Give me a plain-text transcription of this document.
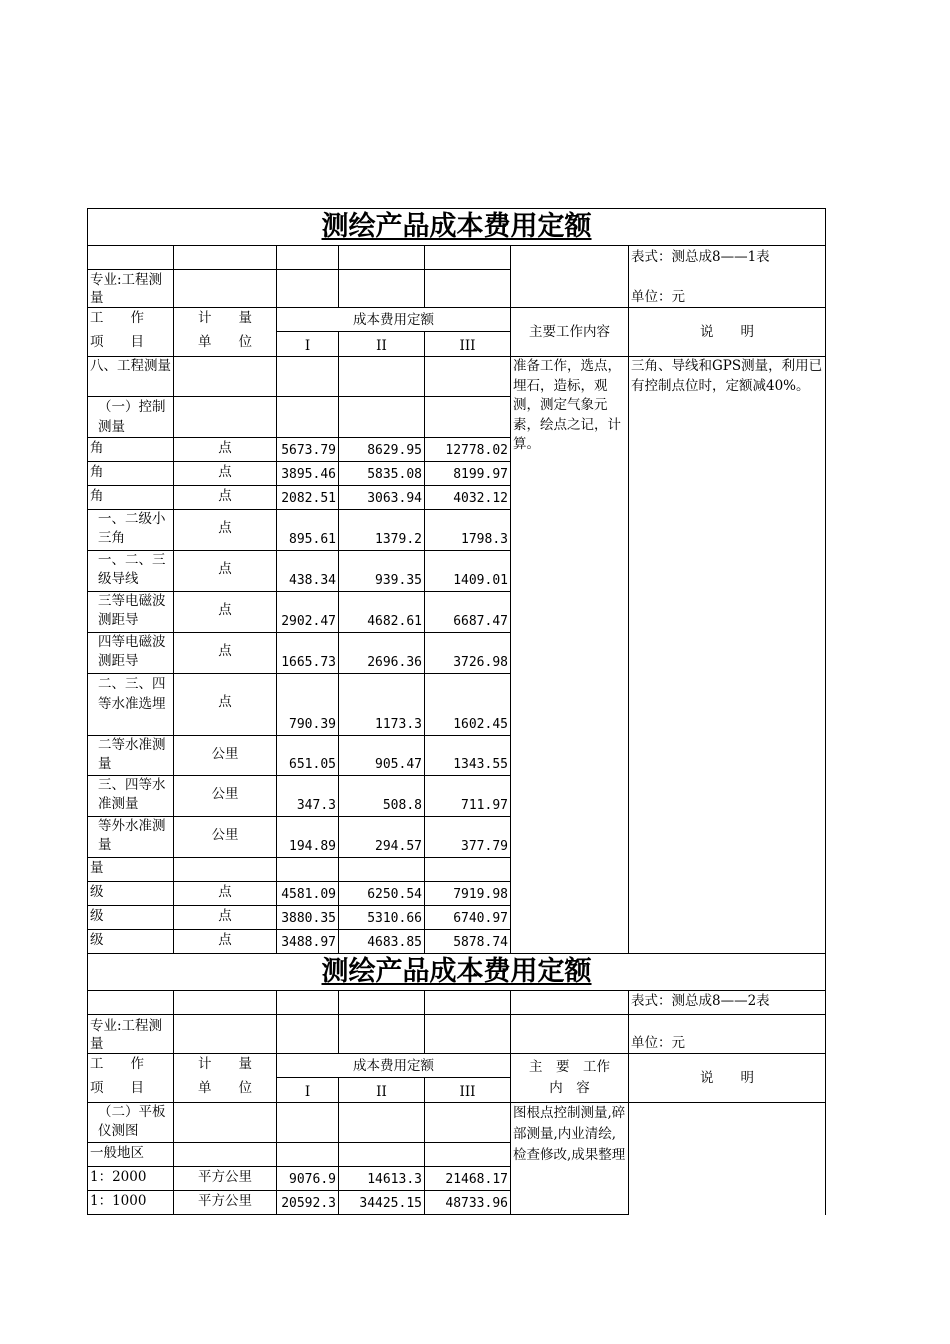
测绘产品成本费用定额						

						表式：测总成8——1表
单位：元

专业:工程测量						
工　　作	计　　量	成本费用定额			主要工作内容	说　　明
项　　目	单　　位	I	II	III		
八、工程测量					准备工作，选点，埋石，造标，观测，测定气象元素，绘点之记，计算。	三角、导线和GPS测量，利用已有控制点位时，定额减40%。
（一）控制测量						
角	点	5673.79	8629.95	12778.02		
角	点	3895.46	5835.08	8199.97		
角	点	2082.51	3063.94	4032.12		
一、二级小三角	点	895.61	1379.2	1798.3		
一、二、三级导线	点	438.34	939.35	1409.01		
三等电磁波测距导	点	2902.47	4682.61	6687.47		
四等电磁波测距导	点	1665.73	2696.36	3726.98		
二、三、四等水准选埋	点	790.39	1173.3	1602.45		
二等水准测量	公里	651.05	905.47	1343.55		
三、四等水准测量	公里	347.3	508.8	711.97		
等外水准测量	公里	194.89	294.57	377.79		
量						
级	点	4581.09	6250.54	7919.98		
级	点	3880.35	5310.66	6740.97		
级	点	3488.97	4683.85	5878.74		
测绘产品成本费用定额						
						表式：测总成8——2表
专业:工程测量						单位：元
工　　作	计　　量	成本费用定额			主　要　工作　内　容	说　　明
项　　目	单　　位	I	II	III		
（二）平板仪测图					图根点控制测量,碎部测量,内业清绘,检查修改,成果整理	
一般地区						
1：2000	平方公里	9076.9	14613.3	21468.17		
1：1000	平方公里	20592.3	34425.15	48733.96		
